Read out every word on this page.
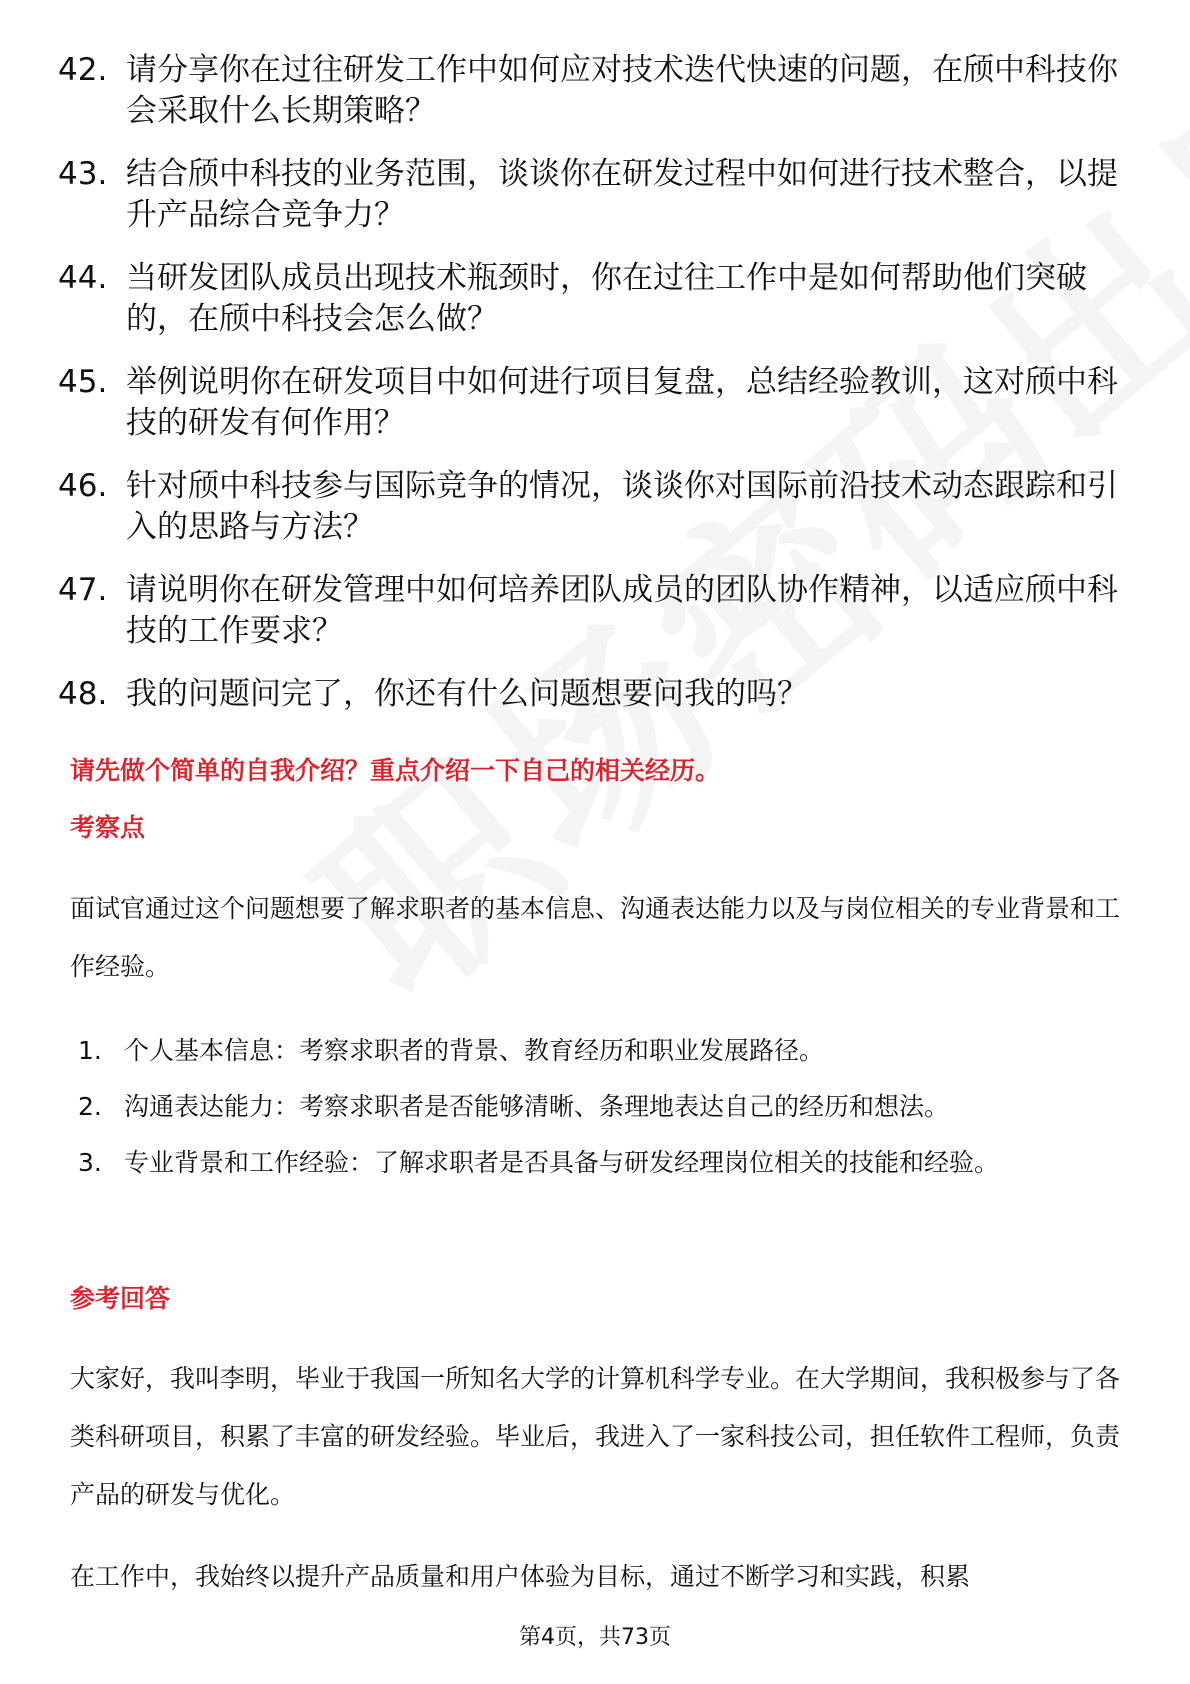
42. 请分享你在过往研发工作中如何应对技术迭代快速的问题，在颀中科技你会采取什么长期策略？
43. 结合颀中科技的业务范围，谈谈你在研发过程中如何进行技术整合，以提升产品综合竞争力？
44. 当研发团队成员出现技术瓶颈时，你在过往工作中是如何帮助他们突破的，在颀中科技会怎么做？
45. 举例说明你在研发项目中如何进行项目复盘，总结经验教训，这对颀中科技的研发有何作用？
46. 针对颀中科技参与国际竞争的情况，谈谈你对国际前沿技术动态跟踪和引入的思路与方法？
47. 请说明你在研发管理中如何培养团队成员的团队协作精神，以适应颀中科技的工作要求？
48. 我的问题问完了，你还有什么问题想要问我的吗？
请先做个简单的自我介绍？重点介绍一下自己的相关经历。
考察点

面试官通过这个问题想要了解求职者的基本信息、沟通表达能力以及与岗位相关的专业背景和工作经验。

1. 个人基本信息：考察求职者的背景、教育经历和职业发展路径。
2. 沟通表达能力：考察求职者是否能够清晰、条理地表达自己的经历和想法。
3. 专业背景和工作经验：了解求职者是否具备与研发经理岗位相关的技能和经验。
参考回答

大家好，我叫李明，毕业于我国一所知名大学的计算机科学专业。在大学期间，我积极参与了各类科研项目，积累了丰富的研发经验。毕业后，我进入了一家科技公司，担任软件工程师，负责产品的研发与优化。

在工作中，我始终以提升产品质量和用户体验为目标，通过不断学习和实践，积累

第4页，共73页
